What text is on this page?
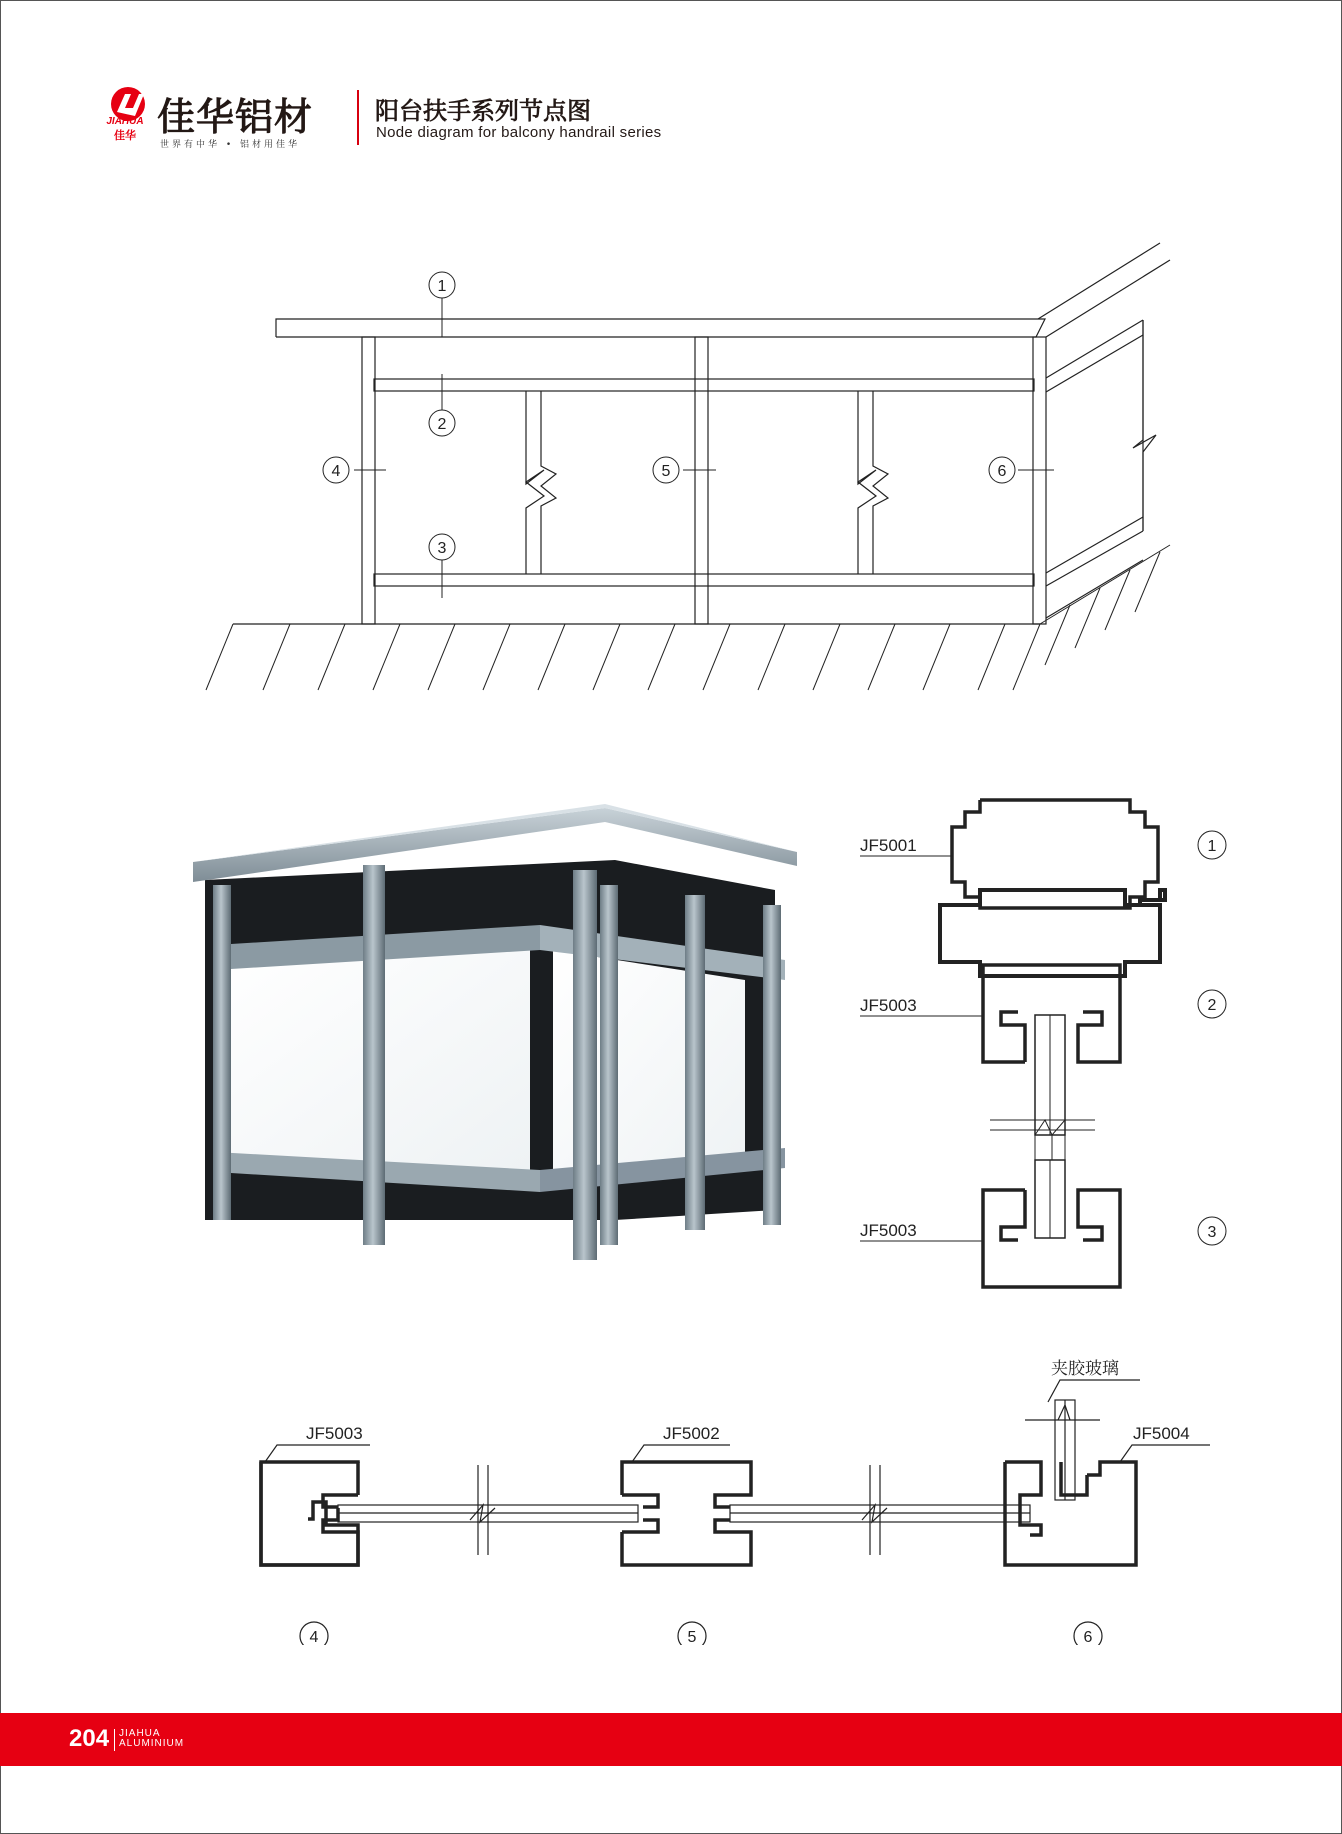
JIAHUA
佳华 佳华铝材
世界有中华 • 铝材用佳华
阳台扶手系列节点图
Node diagram for balcony handrail series
1
2
3
4	5	6
JF5001
JF5003
JF5003
1
2
3
JF5003	JF5002	JF5004
夹胶玻璃
4	5	6
204 JIAHUA
ALUMINIUM
